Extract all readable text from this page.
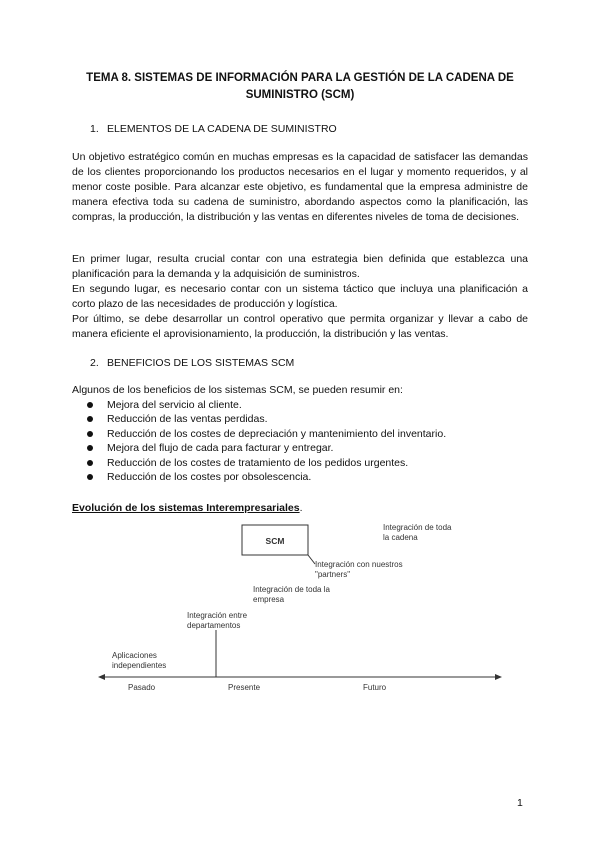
TEMA 8. SISTEMAS DE INFORMACIÓN PARA LA GESTIÓN DE LA CADENA DE SUMINISTRO (SCM)
1. ELEMENTOS DE LA CADENA DE SUMINISTRO

Un objetivo estratégico común en muchas empresas es la capacidad de satisfacer las demandas de los clientes proporcionando los productos necesarios en el lugar y momento requeridos, y al menor coste posible. Para alcanzar este objetivo, es fundamental que la empresa administre de manera efectiva toda su cadena de suministro, abordando aspectos como la planificación, las compras, la producción, la distribución y las ventas en diferentes niveles de toma de decisiones.

En primer lugar, resulta crucial contar con una estrategia bien definida que establezca una planificación para la demanda y la adquisición de suministros.

En segundo lugar, es necesario contar con un sistema táctico que incluya una planificación a corto plazo de las necesidades de producción y logística.

Por último, se debe desarrollar un control operativo que permita organizar y llevar a cabo de manera eficiente el aprovisionamiento, la producción, la distribución y las ventas.

2. BENEFICIOS DE LOS SISTEMAS SCM

Algunos de los beneficios de los sistemas SCM, se pueden resumir en:

Mejora del servicio al cliente.
Reducción de las ventas perdidas.
Reducción de los costes de depreciación y mantenimiento del inventario.
Mejora del flujo de cada para facturar y entregar.
Reducción de los costes de tratamiento de los pedidos urgentes.
Reducción de los costes por obsolescencia.
Evolución de los sistemas Interempresariales.
SCM
Integración de toda
la cadena
Integración con nuestros
"partners"
Integración de toda la
empresa
Integración entre
departamentos
Aplicaciones
independientes
Pasado	Presente	Futuro
1
